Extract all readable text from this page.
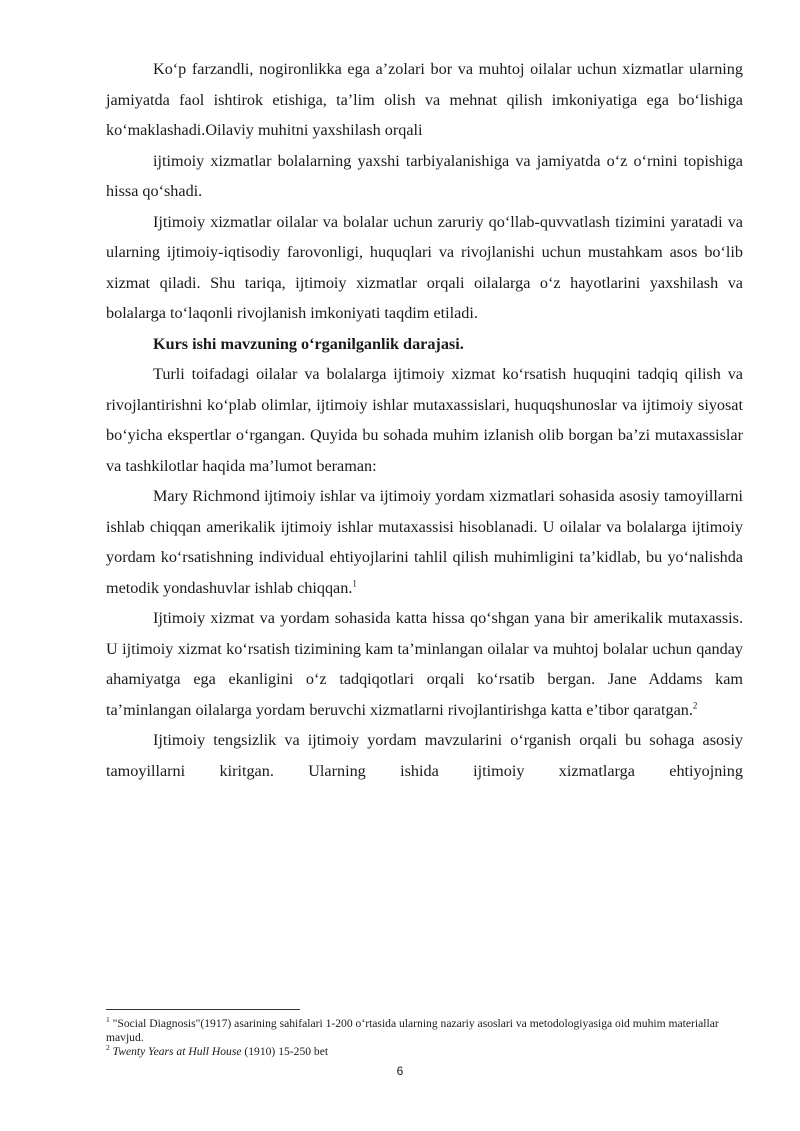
Ko‘p farzandli, nogironlikka ega a’zolari bor va muhtoj oilalar uchun xizmatlar ularning jamiyatda faol ishtirok etishiga, ta’lim olish va mehnat qilish imkoniyatiga ega bo‘lishiga ko‘maklashadi.Oilaviy muhitni yaxshilash orqali

ijtimoiy xizmatlar bolalarning yaxshi tarbiyalanishiga va jamiyatda o‘z o‘rnini topishiga hissa qo‘shadi.

Ijtimoiy xizmatlar oilalar va bolalar uchun zaruriy qo‘llab-quvvatlash tizimini yaratadi va ularning ijtimoiy-iqtisodiy farovonligi, huquqlari va rivojlanishi uchun mustahkam asos bo‘lib xizmat qiladi. Shu tariqa, ijtimoiy xizmatlar orqali oilalarga o‘z hayotlarini yaxshilash va bolalarga to‘laqonli rivojlanish imkoniyati taqdim etiladi.

Kurs ishi mavzuning o‘rganilganlik darajasi.

Turli toifadagi oilalar va bolalarga ijtimoiy xizmat ko‘rsatish huquqini tadqiq qilish va rivojlantirishni ko‘plab olimlar, ijtimoiy ishlar mutaxassislari, huquqshunoslar va ijtimoiy siyosat bo‘yicha ekspertlar o‘rgangan. Quyida bu sohada muhim izlanish olib borgan ba’zi mutaxassislar va tashkilotlar haqida ma’lumot beraman:

Mary Richmond ijtimoiy ishlar va ijtimoiy yordam xizmatlari sohasida asosiy tamoyillarni ishlab chiqqan amerikalik ijtimoiy ishlar mutaxassisi hisoblanadi. U oilalar va bolalarga ijtimoiy yordam ko‘rsatishning individual ehtiyojlarini tahlil qilish muhimligini ta’kidlab, bu yo‘nalishda metodik yondashuvlar ishlab chiqqan.$^1$

Ijtimoiy xizmat va yordam sohasida katta hissa qo‘shgan yana bir amerikalik mutaxassis. U ijtimoiy xizmat ko‘rsatish tizimining kam ta’minlangan oilalar va muhtoj bolalar uchun qanday ahamiyatga ega ekanligini o‘z tadqiqotlari orqali ko‘rsatib bergan. Jane Addams kam ta’minlangan oilalarga yordam beruvchi xizmatlarni rivojlantirishga katta e’tibor qaratgan.$^2$

Ijtimoiy tengsizlik va ijtimoiy yordam mavzularini o‘rganish orqali bu sohaga asosiy tamoyillarni kiritgan. Ularning ishida ijtimoiy xizmatlarga ehtiyojning

$^1$ "Social Diagnosis"(1917) asarining sahifalari 1-200 o‘rtasida ularning nazariy asoslari va metodologiyasiga oid muhim materiallar mavjud.

$^2$ Twenty Years at Hull House (1910) 15-250 bet

6
